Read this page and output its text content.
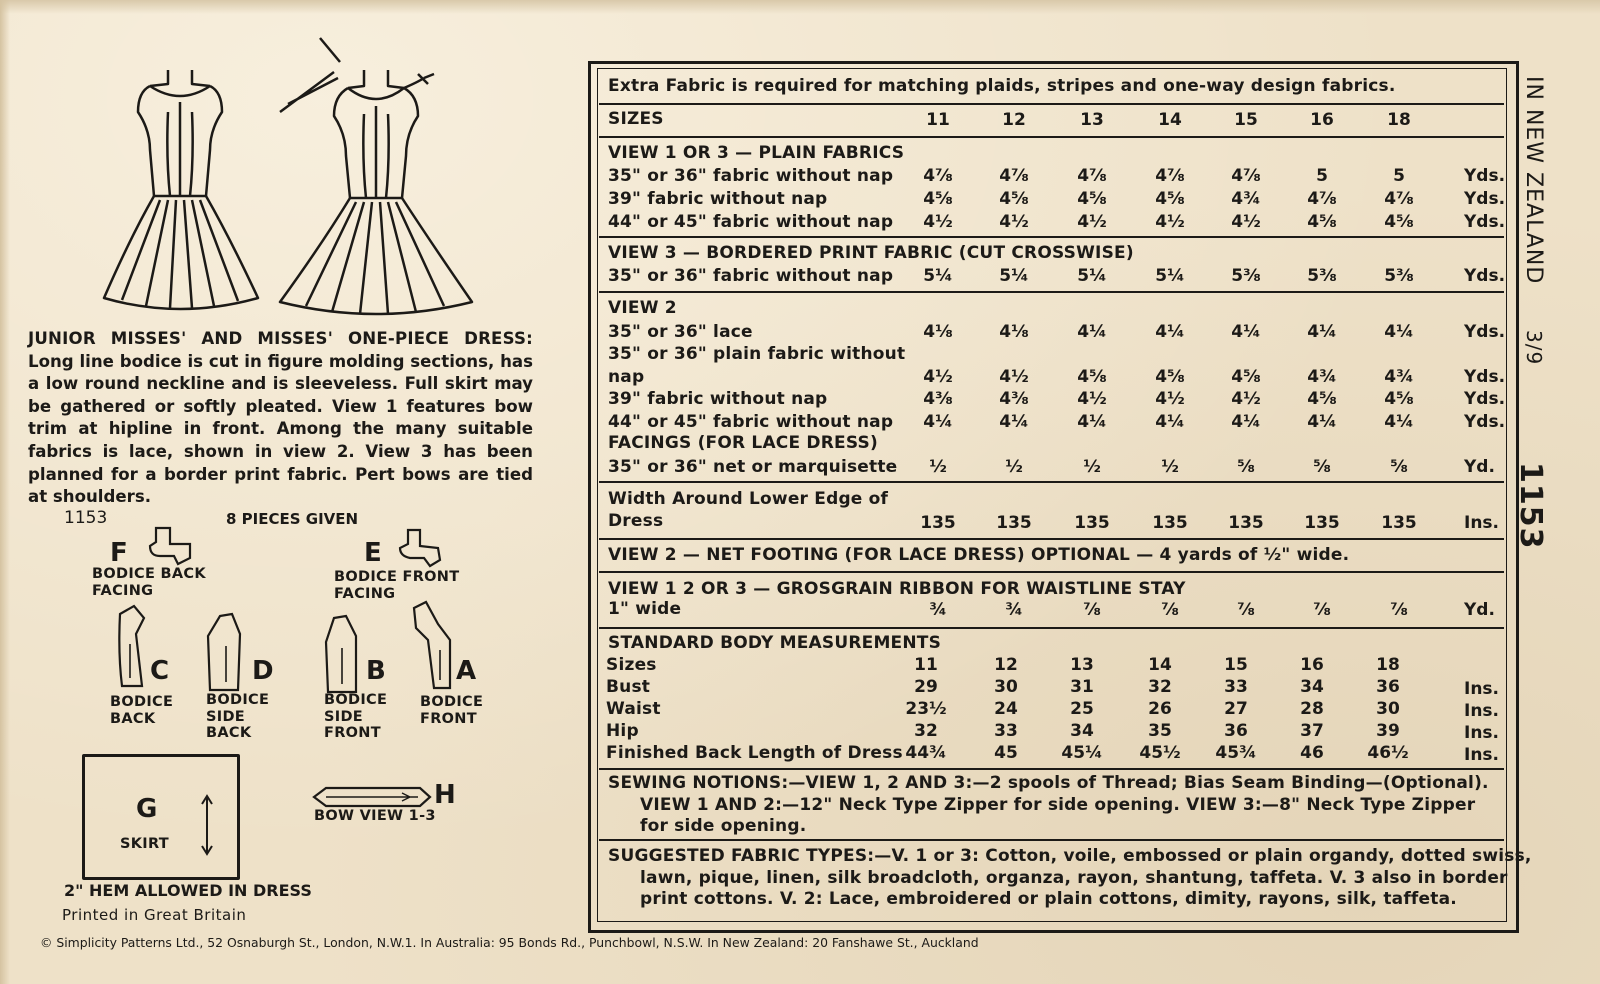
JUNIOR MISSES' AND MISSES' ONE-PIECE DRESS: Long line bodice is cut in figure molding sections, has a low round neckline and is sleeveless. Full skirt may be gathered or softly pleated. View 1 features bow trim at hipline in front. Among the many suitable fabrics is lace, shown in view 2. View 3 has been planned for a border print fabric. Pert bows are tied at shoulders.
1153	8 PIECES GIVEN
F
BODICE BACK
FACING
E
BODICE FRONT
FACING
C
BODICE
BACK
D
BODICE
SIDE
BACK
B
BODICE
SIDE
FRONT
A
BODICE
FRONT
G
SKIRT
H
BOW VIEW 1-3
2" HEM ALLOWED IN DRESS
Printed in Great Britain
© Simplicity Patterns Ltd., 52 Osnaburgh St., London, N.W.1. In Australia: 95 Bonds Rd., Punchbowl, N.S.W. In New Zealand: 20 Fanshawe St., Auckland
IN NEW ZEALAND
3/9
1153
Extra Fabric is required for matching plaids, stripes and one-way design fabrics.
SIZES	11	12	13	14	15	16	18
VIEW 1 OR 3 — PLAIN FABRICS
35" or 36" fabric without nap	4⅞	4⅞	4⅞	4⅞	4⅞	5	5	Yds.
39" fabric without nap	4⅝	4⅝	4⅝	4⅝	4¾	4⅞	4⅞	Yds.
44" or 45" fabric without nap	4½	4½	4½	4½	4½	4⅝	4⅝	Yds.
VIEW 3 — BORDERED PRINT FABRIC (CUT CROSSWISE)
35" or 36" fabric without nap	5¼	5¼	5¼	5¼	5⅜	5⅜	5⅜	Yds.
VIEW 2
35" or 36" lace	4⅛	4⅛	4¼	4¼	4¼	4¼	4¼	Yds.
35" or 36" plain fabric without
nap	4½	4½	4⅝	4⅝	4⅝	4¾	4¾	Yds.
39" fabric without nap	4⅜	4⅜	4½	4½	4½	4⅝	4⅝	Yds.
44" or 45" fabric without nap	4¼	4¼	4¼	4¼	4¼	4¼	4¼	Yds.
FACINGS (FOR LACE DRESS)
35" or 36" net or marquisette	½	½	½	½	⅝	⅝	⅝	Yd.
Width Around Lower Edge of
Dress	135	135	135	135	135	135	135	Ins.
VIEW 2 — NET FOOTING (FOR LACE DRESS) OPTIONAL — 4 yards of ½" wide.
VIEW 1 2 OR 3 — GROSGRAIN RIBBON FOR WAISTLINE STAY
1" wide	¾	¾	⅞	⅞	⅞	⅞	⅞	Yd.
STANDARD BODY MEASUREMENTS
Sizes	11	12	13	14	15	16	18
Bust	29	30	31	32	33	34	36	Ins.
Waist	23½	24	25	26	27	28	30	Ins.
Hip	32	33	34	35	36	37	39	Ins.
Finished Back Length of Dress 44¾	45	45¼	45½	45¾	46	46½	Ins.
SEWING NOTIONS:—VIEW 1, 2 AND 3:—2 spools of Thread; Bias Seam Binding—(Optional).
VIEW 1 AND 2:—12" Neck Type Zipper for side opening. VIEW 3:—8" Neck Type Zipper
for side opening.
SUGGESTED FABRIC TYPES:—V. 1 or 3: Cotton, voile, embossed or plain organdy, dotted swiss,
lawn, pique, linen, silk broadcloth, organza, rayon, shantung, taffeta. V. 3 also in border
print cottons. V. 2: Lace, embroidered or plain cottons, dimity, rayons, silk, taffeta.
